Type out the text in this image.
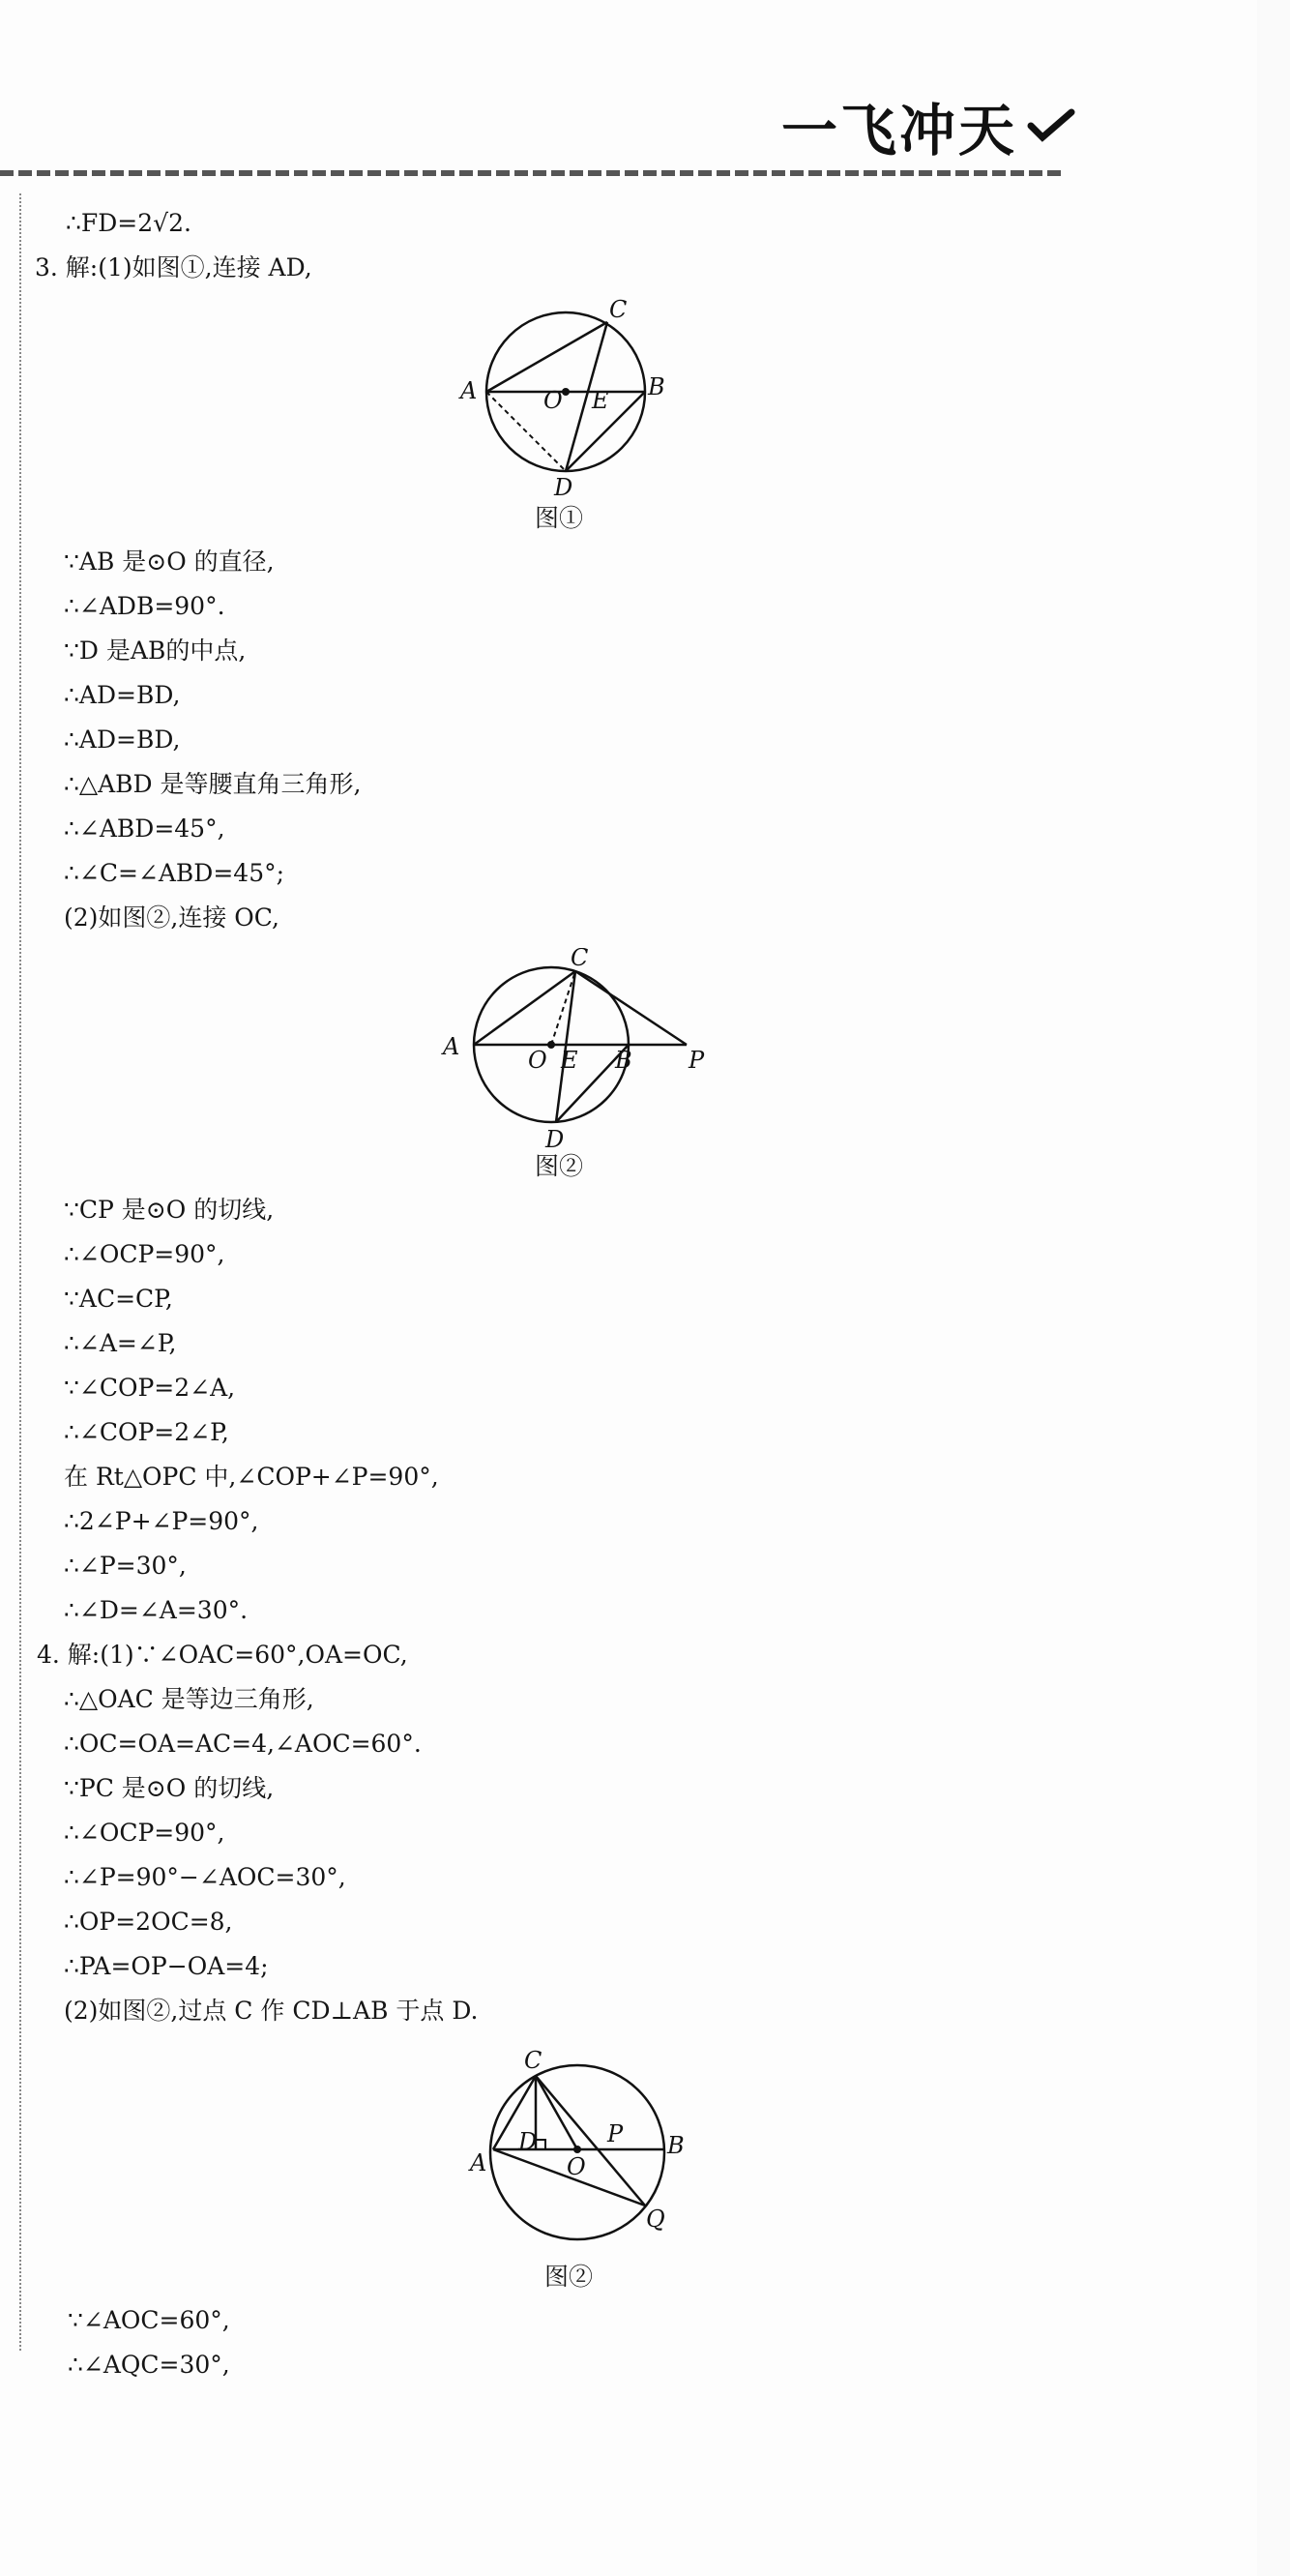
一飞冲天
∴FD=2√2.
3. 解:(1)如图①,连接 AD,
A	B
C
D
E
O
图①
∵AB 是⊙O 的直径,
∴∠ADB=90°.
∵D 是AB的中点,
∴AD=BD,
∴AD=BD,
∴△ABD 是等腰直角三角形,
∴∠ABD=45°,
∴∠C=∠ABD=45°;
(2)如图②,连接 OC,
A	B
C
D
E
O	P
图②
∵CP 是⊙O 的切线,
∴∠OCP=90°,
∵AC=CP,
∴∠A=∠P,
∵∠COP=2∠A,
∴∠COP=2∠P,
在 Rt△OPC 中,∠COP+∠P=90°,
∴2∠P+∠P=90°,
∴∠P=30°,
∴∠D=∠A=30°.
4. 解:(1)∵∠OAC=60°,OA=OC,
∴△OAC 是等边三角形,
∴OC=OA=AC=4,∠AOC=60°.
∵PC 是⊙O 的切线,
∴∠OCP=90°,
∴∠P=90°−∠AOC=30°,
∴OP=2OC=8,
∴PA=OP−OA=4;
(2)如图②,过点 C 作 CD⊥AB 于点 D.
A
B
C
D
O
P
Q
图②
∵∠AOC=60°,
∴∠AQC=30°,
